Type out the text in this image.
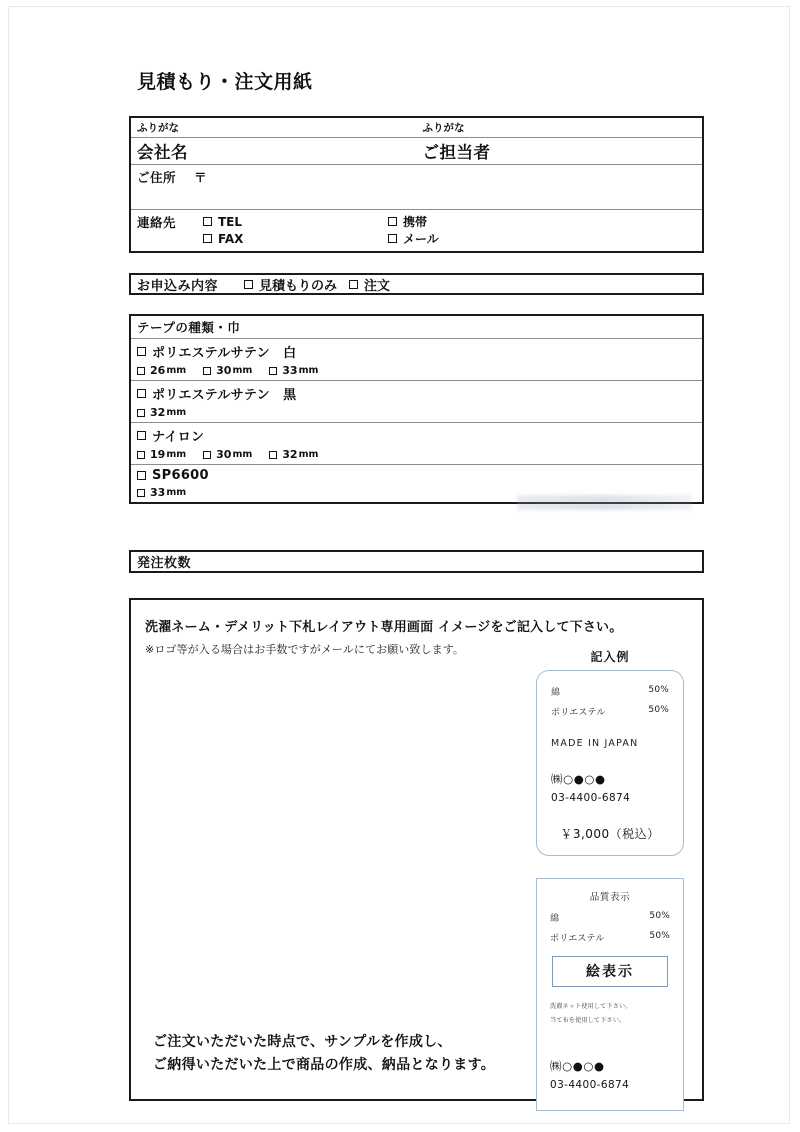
見積もり・注文用紙
ふりがな	ふりがな
会社名	ご担当者
ご住所 〒
連絡先	TEL	携帯
FAX	メール
お申込み内容	見積もりのみ 注文
テープの種類・巾
ポリエステルサテン　白
26 mm	30 mm	33 mm
ポリエステルサテン　黒
32 mm
ナイロン
19 mm	30 mm	32 mm
SP6600
33 mm
発注枚数
洗濯ネーム・デメリット下札レイアウト専用画面 イメージをご記入して下さい。
※ロゴ等が入る場合はお手数ですがメールにてお願い致します。
記入例
綿	50%
ポリエステル	50%
MADE IN JAPAN
㈱○●○●
03-4400-6874
￥3,000（税込）
品質表示
綿	50%
ポリエステル	50%
絵表示
洗濯ネット使用して下さい。
当て布を使用して下さい。
㈱○●○●
03-4400-6874
ご注文いただいた時点で、サンプルを作成し、
ご納得いただいた上で商品の作成、納品となります。
